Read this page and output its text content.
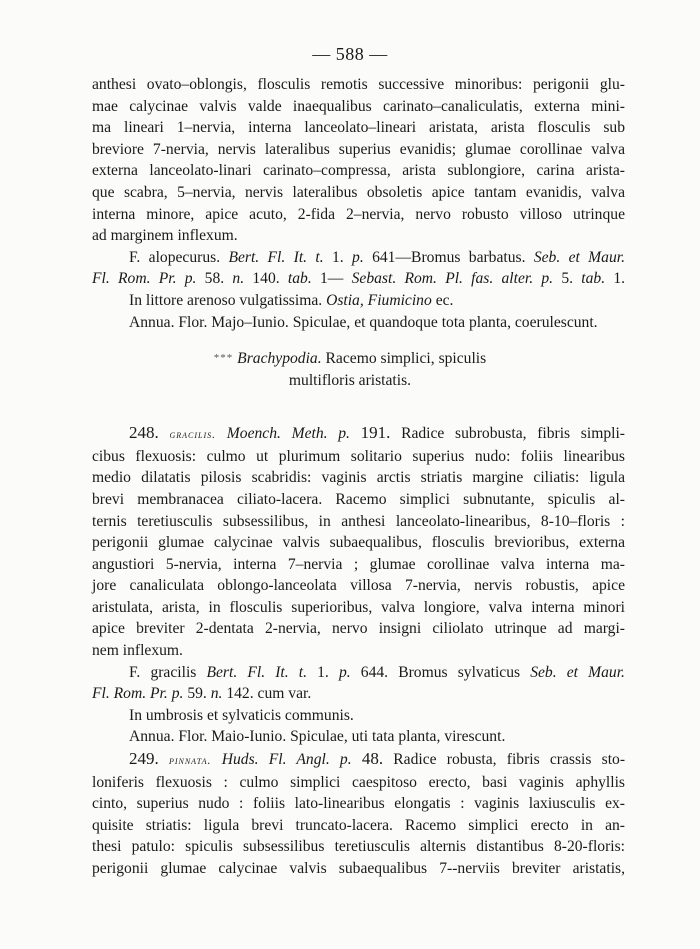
— 588 —
anthesi ovato–oblongis, flosculis remotis successive minoribus: perigonii glu-
mae calycinae valvis valde inaequalibus carinato–canaliculatis, externa mini-
ma lineari 1–nervia, interna lanceolato–lineari aristata, arista flosculis sub
breviore 7-nervia, nervis lateralibus superius evanidis; glumae corollinae valva
externa lanceolato-linari carinato–compressa, arista sublongiore, carina arista-
que scabra, 5–nervia, nervis lateralibus obsoletis apice tantam evanidis, valva
interna minore, apice acuto, 2-fida 2–nervia, nervo robusto villoso utrinque
ad marginem inflexum.
F. alopecurus. Bert. Fl. It. t. 1. p. 641—Bromus barbatus. Seb. et Maur.
Fl. Rom. Pr. p. 58. n. 140. tab. 1— Sebast. Rom. Pl. fas. alter. p. 5. tab. 1.
In littore arenoso vulgatissima. Ostia, Fiumicino ec.
Annua. Flor. Majo–Iunio. Spiculae, et quandoque tota planta, coerulescunt.
*** Brachypodia. Racemo simplici, spiculis
multifloris aristatis.
248. gracilis. Moench. Meth. p. 191. Radice subrobusta, fibris simpli-
cibus flexuosis: culmo ut plurimum solitario superius nudo: foliis linearibus
medio dilatatis pilosis scabridis: vaginis arctis striatis margine ciliatis: ligula
brevi membranacea ciliato-lacera. Racemo simplici subnutante, spiculis al-
ternis teretiusculis subsessilibus, in anthesi lanceolato-linearibus, 8-10–floris :
perigonii glumae calycinae valvis subaequalibus, flosculis brevioribus, externa
angustiori 5-nervia, interna 7–nervia ; glumae corollinae valva interna ma-
jore canaliculata oblongo-lanceolata villosa 7-nervia, nervis robustis, apice
aristulata, arista, in flosculis superioribus, valva longiore, valva interna minori
apice breviter 2-dentata 2-nervia, nervo insigni ciliolato utrinque ad margi-
nem inflexum.
F. gracilis Bert. Fl. It. t. 1. p. 644. Bromus sylvaticus Seb. et Maur.
Fl. Rom. Pr. p. 59. n. 142. cum var.
In umbrosis et sylvaticis communis.
Annua. Flor. Maio-Iunio. Spiculae, uti tata planta, virescunt.
249. pinnata. Huds. Fl. Angl. p. 48. Radice robusta, fibris crassis sto-
loniferis flexuosis : culmo simplici caespitoso erecto, basi vaginis aphyllis
cinto, superius nudo : foliis lato-linearibus elongatis : vaginis laxiusculis ex-
quisite striatis: ligula brevi truncato-lacera. Racemo simplici erecto in an-
thesi patulo: spiculis subsessilibus teretiusculis alternis distantibus 8-20-floris:
perigonii glumae calycinae valvis subaequalibus 7--nerviis breviter aristatis,
